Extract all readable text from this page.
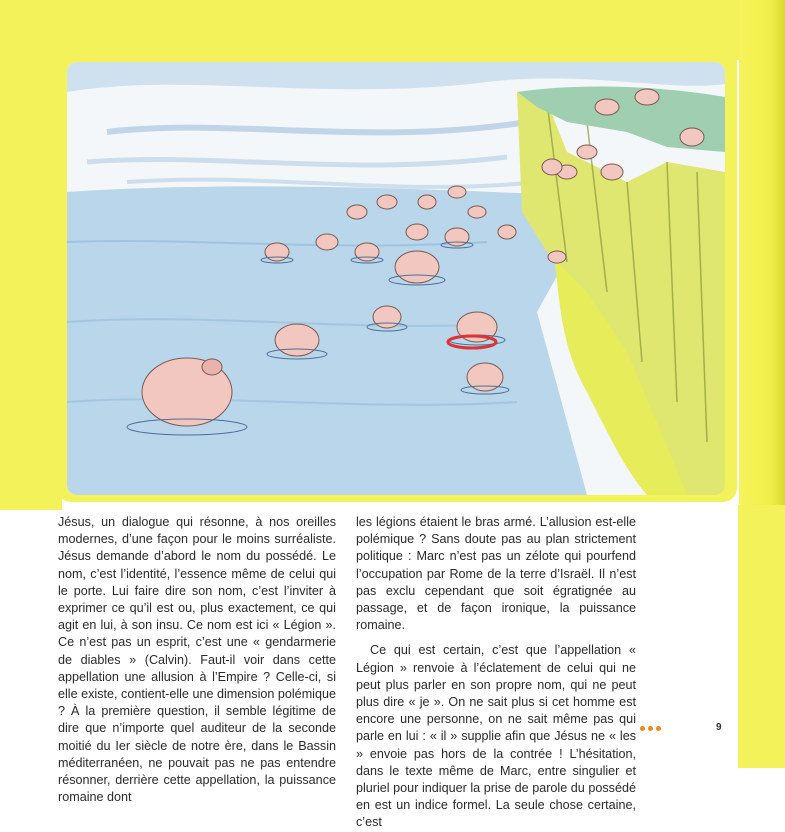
Jésus, un dialogue qui résonne, à nos oreilles modernes, d’une façon pour le moins surréaliste. Jésus demande d’abord le nom du possédé. Le nom, c’est l’identité, l’essence même de celui qui le porte. Lui faire dire son nom, c’est l’inviter à exprimer ce qu’il est ou, plus exactement, ce qui agit en lui, à son insu. Ce nom est ici « Légion ». Ce n’est pas un esprit, c’est une « gendarmerie de diables » (Calvin). Faut-il voir dans cette appellation une allusion à l’Empire ? Celle-ci, si elle existe, contient-elle une dimension polémique ? À la première question, il semble légitime de dire que n’importe quel auditeur de la seconde moitié du Ier siècle de notre ère, dans le Bassin méditerranéen, ne pouvait pas ne pas entendre résonner, derrière cette appellation, la puissance romaine dont

les légions étaient le bras armé. L’allusion est-elle polémique ? Sans doute pas au plan strictement politique : Marc n’est pas un zélote qui pourfend l’occupation par Rome de la terre d’Israël. Il n’est pas exclu cependant que soit égratignée au passage, et de façon ironique, la puissance romaine.

Ce qui est certain, c’est que l’appellation « Légion » renvoie à l’éclatement de celui qui ne peut plus parler en son propre nom, qui ne peut plus dire « je ». On ne sait plus si cet homme est encore une personne, on ne sait même pas qui parle en lui : « il » supplie afin que Jésus ne « les » envoie pas hors de la contrée ! L’hésitation, dans le texte même de Marc, entre singulier et pluriel pour indiquer la prise de parole du possédé en est un indice formel. La seule chose certaine, c’est

9
